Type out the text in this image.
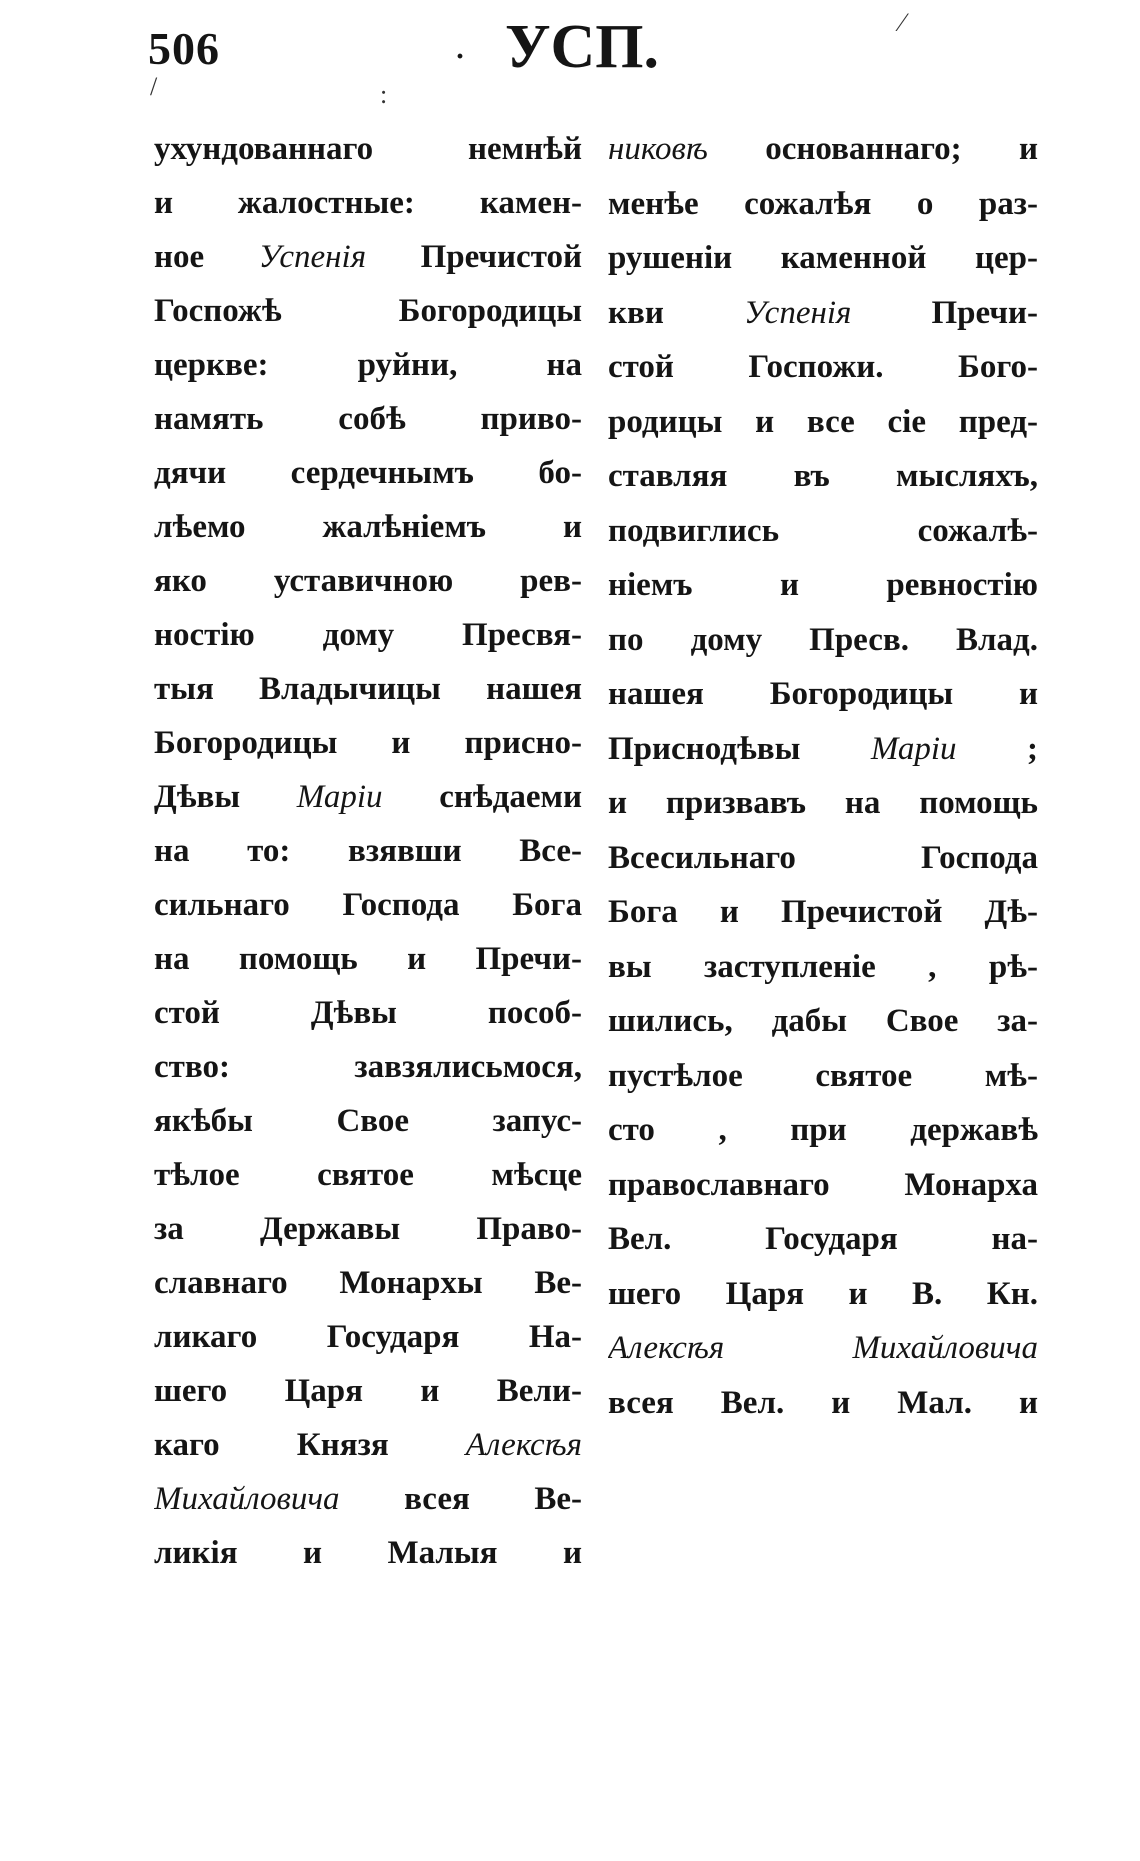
506	· УСП.	⁄
/	:
ухундованнаго	немнѣй
и жалостные: камен-
ное Успенія Пречистой
Госпожѣ	Богородицы
церкве:	руйни,	на
намять собѣ приво-
дячи сердечнымъ бо-
лѣемо жалѣніемъ и
яко уставичною рев-
ностію дому Пресвя-
тыя Владычицы нашея
Богородицы и присно-
Дѣвы Маріи снѣдаеми
на то: взявши Все-
сильнаго Господа Бога
на помощь и Пречи-
стой	Дѣвы	пособ-
ство:	завзялисьмося,
якѣбы	Свое	запус-
тѣлое святое мѣсце
за Державы Право-
славнаго Монархы Ве-
ликаго Государя На-
шего Царя и Вели-
каго Князя Алексѣя
Михайловича всея Ве-
ликія и Малыя и
никовѣ основаннаго; и
менѣе сожалѣя о раз-
рушеніи каменной цер-
кви Успенія Пречи-
стой Госпожи. Бого-
родицы и все сіе пред-
ставляя въ мысляхъ,
подвиглись	сожалѣ-
ніемъ	и	ревностію
по дому Пресв. Влад.
нашея Богородицы и
Приснодѣвы Маріи ;
и призвавъ на помощь
Всесильнаго	Господа
Бога и Пречистой Дѣ-
вы заступленіе , рѣ-
шились, дабы Свое за-
пустѣлое святое мѣ-
сто , при державѣ
православнаго Монарха
Вел.	Государя	на-
шего Царя и В. Кн.
Алексѣя	Михайловича
всея Вел. и Мал. и
